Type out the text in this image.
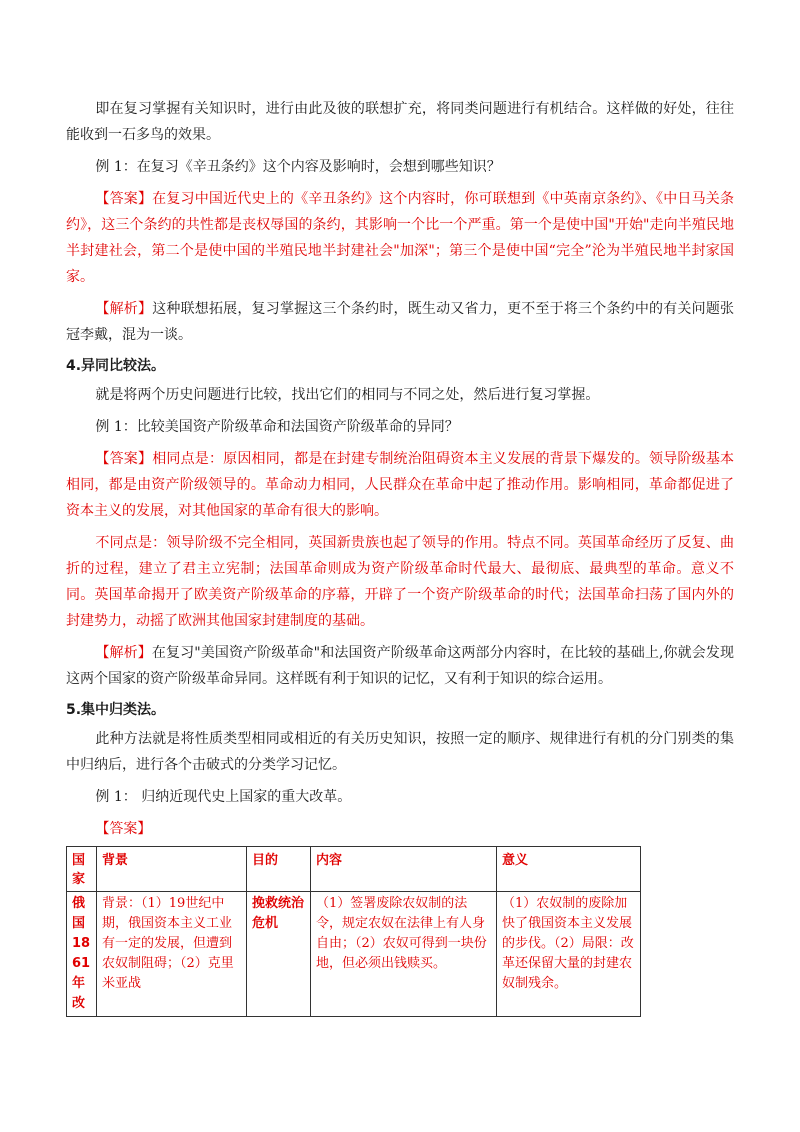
即在复习掌握有关知识时，进行由此及彼的联想扩充，将同类问题进行有机结合。这样做的好处，往往能收到一石多鸟的效果。

例 1：在复习《辛丑条约》这个内容及影响时，会想到哪些知识？

【答案】在复习中国近代史上的《辛丑条约》这个内容时，你可联想到《中英南京条约》、《中日马关条约》，这三个条约的共性都是丧权辱国的条约，其影响一个比一个严重。第一个是使中国"开始"走向半殖民地半封建社会，第二个是使中国的半殖民地半封建社会"加深"；第三个是使中国“完全”沦为半殖民地半封家国家。

【解析】这种联想拓展，复习掌握这三个条约时，既生动又省力，更不至于将三个条约中的有关问题张冠李戴，混为一谈。

4.异同比较法。

就是将两个历史问题进行比较，找出它们的相同与不同之处，然后进行复习掌握。

例 1：比较美国资产阶级革命和法国资产阶级革命的异同？

【答案】相同点是：原因相同，都是在封建专制统治阻碍资本主义发展的背景下爆发的。领导阶级基本相同，都是由资产阶级领导的。革命动力相同，人民群众在革命中起了推动作用。影响相同，革命都促进了资本主义的发展，对其他国家的革命有很大的影响。

不同点是：领导阶级不完全相同，英国新贵族也起了领导的作用。特点不同。英国革命经历了反复、曲折的过程，建立了君主立宪制；法国革命则成为资产阶级革命时代最大、最彻底、最典型的革命。意义不同。英国革命揭开了欧美资产阶级革命的序幕，开辟了一个资产阶级革命的时代；法国革命扫荡了国内外的封建势力，动摇了欧洲其他国家封建制度的基础。

【解析】在复习"美国资产阶级革命"和法国资产阶级革命这两部分内容时，在比较的基础上,你就会发现这两个国家的资产阶级革命异同。这样既有利于知识的记忆，又有利于知识的综合运用。

5.集中归类法。

此种方法就是将性质类型相同或相近的有关历史知识，按照一定的顺序、规律进行有机的分门别类的集中归纳后，进行各个击破式的分类学习记忆。

例 1： 归纳近现代史上国家的重大改革。

【答案】

国家	背景	目的	内容	意义
俄国1861年改	背景：（1）19世纪中期，俄国资本主义工业有一定的发展，但遭到农奴制阻碍；（2）克里米亚战	挽救统治危机	（1）签署废除农奴制的法令，规定农奴在法律上有人身自由；（2）农奴可得到一块份地，但必须出钱赎买。	（1）农奴制的废除加快了俄国资本主义发展的步伐。（2）局限：改革还保留大量的封建农奴制残余。
